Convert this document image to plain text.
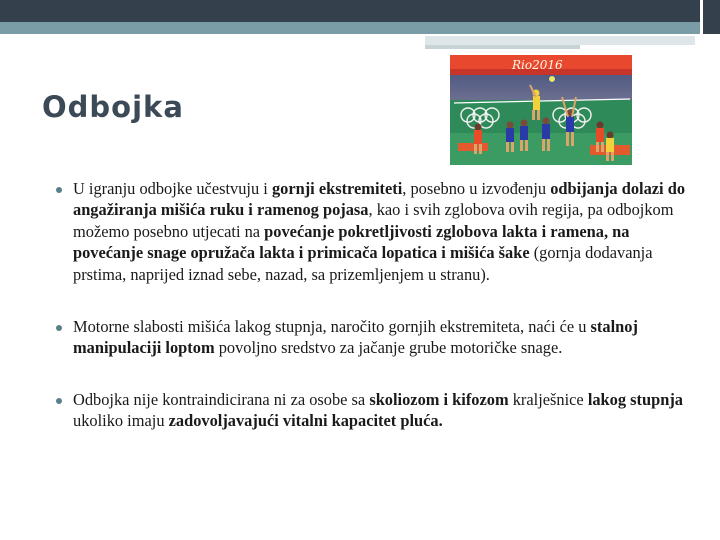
Odbojka
Rio2016
U igranju odbojke učestvuju i gornji ekstremiteti, posebno u izvođenju odbijanja dolazi do angažiranja mišića ruku i ramenog pojasa, kao i svih zglobova ovih regija, pa odbojkom možemo posebno utjecati na povećanje pokretljivosti zglobova lakta i ramena, na povećanje snage opružača lakta i primicača lopatica i mišića šake (gornja dodavanja prstima, naprijed iznad sebe, nazad, sa prizemljenjem u stranu).
Motorne slabosti mišića lakog stupnja, naročito gornjih ekstremiteta, naći će u stalnoj manipulaciji loptom povoljno sredstvo za jačanje grube motoričke snage.
Odbojka nije kontraindicirana ni za osobe sa skoliozom i kifozom kralješnice lakog stupnja ukoliko imaju zadovoljavajući vitalni kapacitet pluća.
